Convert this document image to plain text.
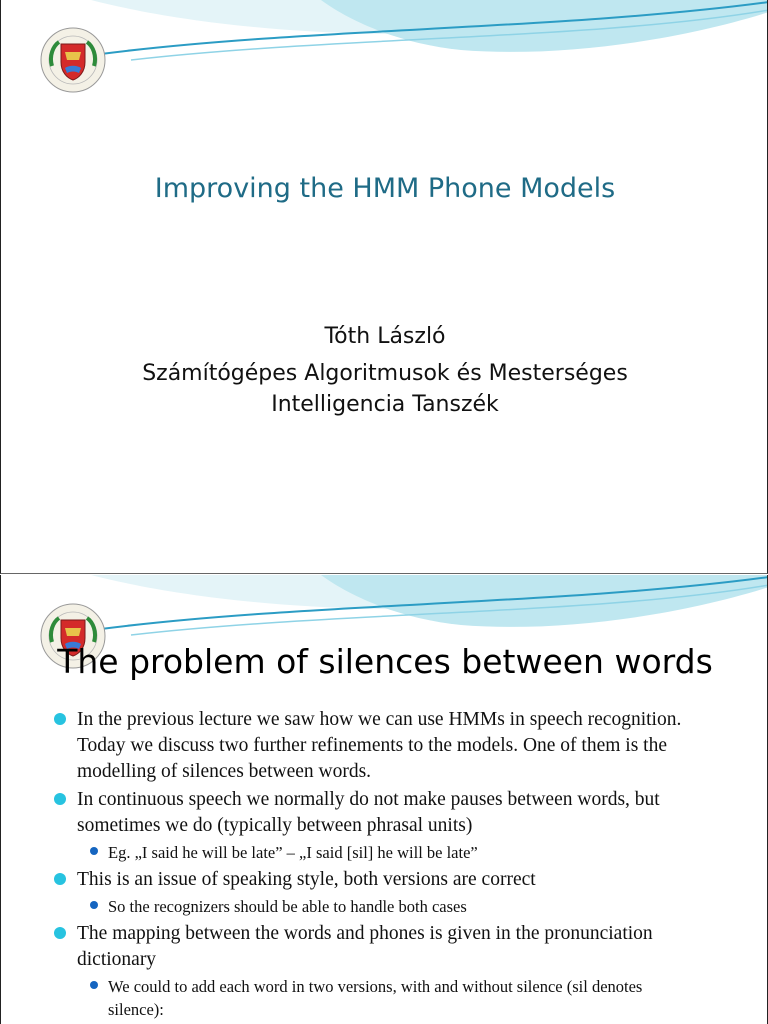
Improving the HMM Phone Models
Tóth László
Számítógépes Algoritmusok és Mesterséges
Intelligencia Tanszék
The problem of silences between words
In the previous lecture we saw how we can use HMMs in speech recognition. Today we discuss two further refinements to the models. One of them is the modelling of silences between words.
In continuous speech we normally do not make pauses between words, but sometimes we do (typically between phrasal units)
Eg. „I said he will be late” – „I said [sil] he will be late”
This is an issue of speaking style, both versions are correct
So the recognizers should be able to handle both cases
The mapping between the words and phones is given in the pronunciation dictionary
We could to add each word in two versions, with and without silence (sil denotes silence):
